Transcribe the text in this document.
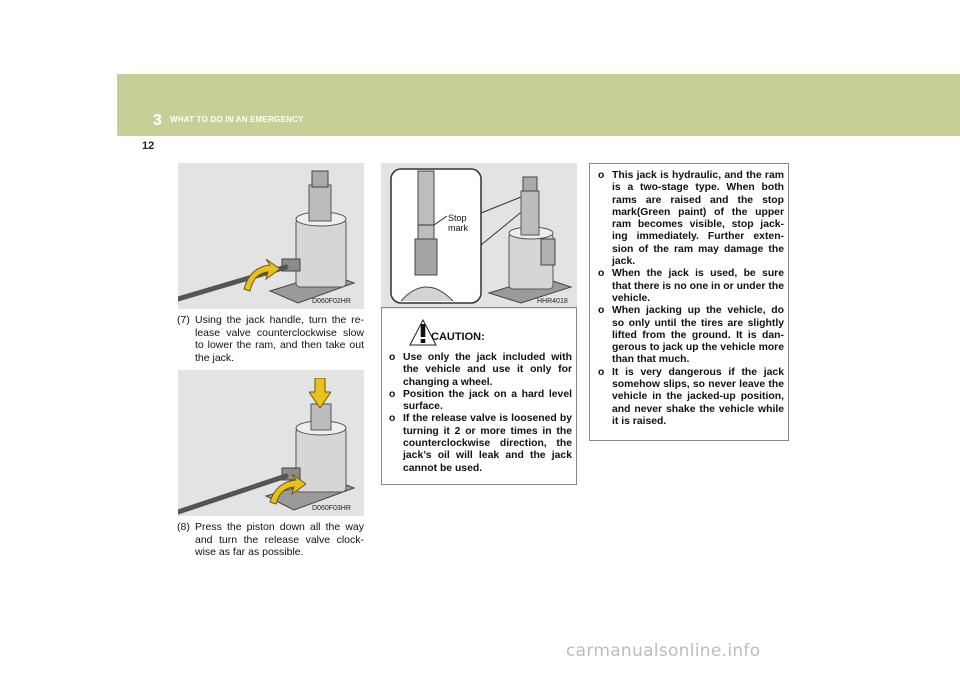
3 WHAT TO DO IN AN EMERGENCY
12
D060F02HR
(7) Using the jack handle, turn the re-lease valve counterclockwise slow to lower the ram, and then take out the jack.
D060F03HR
(8) Press the piston down all the way and turn the release valve clock-wise as far as possible.
Stop
mark
HHR4018
CAUTION:
o Use only the jack included with the vehicle and use it only for changing a wheel.
o Position the jack on a hard level surface.
o If the release valve is loosened by turning it 2 or more times in the counterclockwise direction, the jack’s oil will leak and the jack cannot be used.
o This jack is hydraulic, and the ram is a two-stage type. When both rams are raised and the stop mark(Green paint) of the upper ram becomes visible, stop jack-ing immediately. Further exten-sion of the ram may damage the jack.
o When the jack is used, be sure that there is no one in or under the vehicle.
o When jacking up the vehicle, do so only until the tires are slightly lifted from the ground. It is dan-gerous to jack up the vehicle more than that much.
o It is very dangerous if the jack somehow slips, so never leave the vehicle in the jacked-up position, and never shake the vehicle while it is raised.
carmanualsonline.info
